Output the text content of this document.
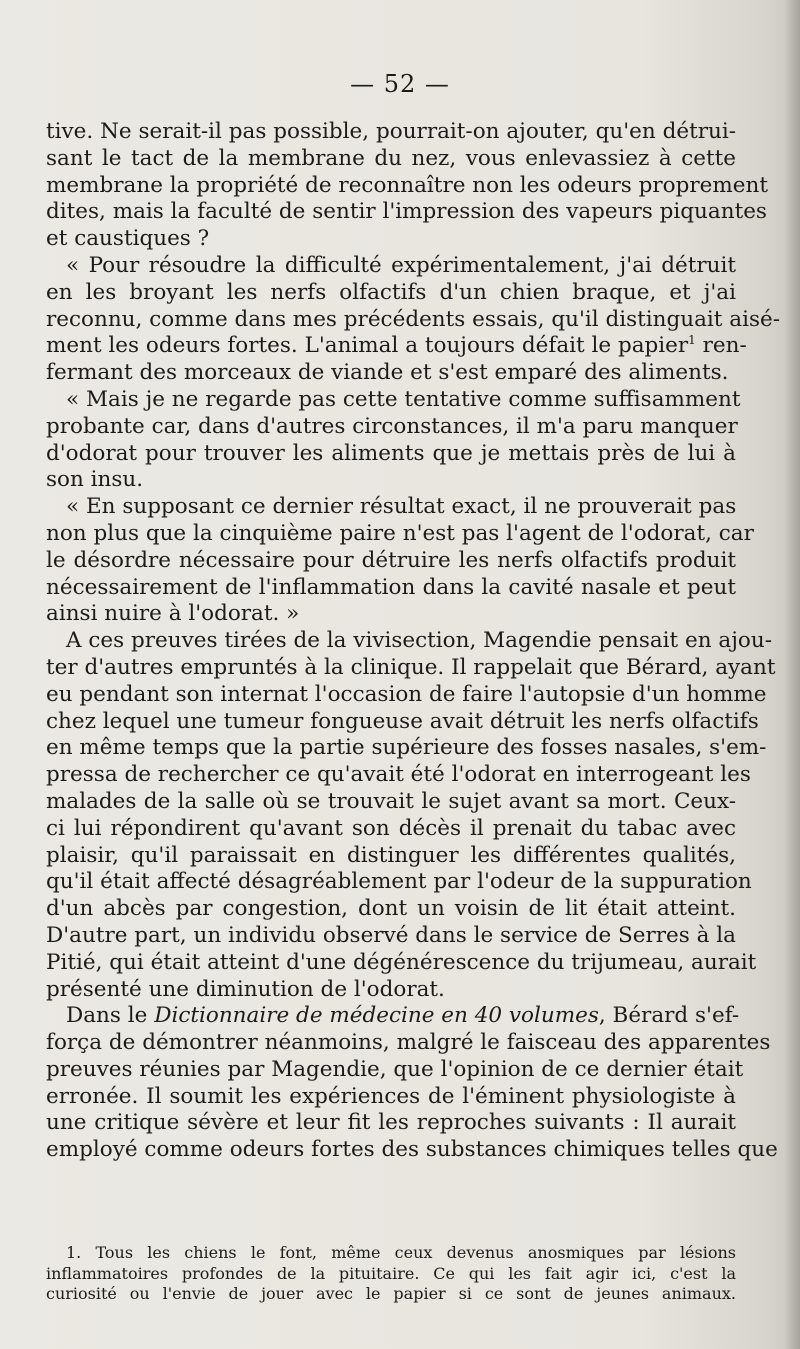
— 52 —
tive. Ne serait-il pas possible, pourrait-on ajouter, qu'en détrui-
sant le tact de la membrane du nez, vous enlevassiez à cette
membrane la propriété de reconnaître non les odeurs proprement
dites, mais la faculté de sentir l'impression des vapeurs piquantes
et caustiques ?
« Pour résoudre la difficulté expérimentalement, j'ai détruit
en les broyant les nerfs olfactifs d'un chien braque, et j'ai
reconnu, comme dans mes précédents essais, qu'il distinguait aisé-
ment les odeurs fortes. L'animal a toujours défait le papier$^1$ ren-
fermant des morceaux de viande et s'est emparé des aliments.
« Mais je ne regarde pas cette tentative comme suffisamment
probante car, dans d'autres circonstances, il m'a paru manquer
d'odorat pour trouver les aliments que je mettais près de lui à
son insu.
« En supposant ce dernier résultat exact, il ne prouverait pas
non plus que la cinquième paire n'est pas l'agent de l'odorat, car
le désordre nécessaire pour détruire les nerfs olfactifs produit
nécessairement de l'inflammation dans la cavité nasale et peut
ainsi nuire à l'odorat. »
A ces preuves tirées de la vivisection, Magendie pensait en ajou-
ter d'autres empruntés à la clinique. Il rappelait que Bérard, ayant
eu pendant son internat l'occasion de faire l'autopsie d'un homme
chez lequel une tumeur fongueuse avait détruit les nerfs olfactifs
en même temps que la partie supérieure des fosses nasales, s'em-
pressa de rechercher ce qu'avait été l'odorat en interrogeant les
malades de la salle où se trouvait le sujet avant sa mort. Ceux-
ci lui répondirent qu'avant son décès il prenait du tabac avec
plaisir, qu'il paraissait en distinguer les différentes qualités,
qu'il était affecté désagréablement par l'odeur de la suppuration
d'un abcès par congestion, dont un voisin de lit était atteint.
D'autre part, un individu observé dans le service de Serres à la
Pitié, qui était atteint d'une dégénérescence du trijumeau, aurait
présenté une diminution de l'odorat.
Dans le Dictionnaire de médecine en 40 volumes, Bérard s'ef-
força de démontrer néanmoins, malgré le faisceau des apparentes
preuves réunies par Magendie, que l'opinion de ce dernier était
erronée. Il soumit les expériences de l'éminent physiologiste à
une critique sévère et leur fit les reproches suivants : Il aurait
employé comme odeurs fortes des substances chimiques telles que
1. Tous les chiens le font, même ceux devenus anosmiques par lésions
inflammatoires profondes de la pituitaire. Ce qui les fait agir ici, c'est la
curiosité ou l'envie de jouer avec le papier si ce sont de jeunes animaux.
